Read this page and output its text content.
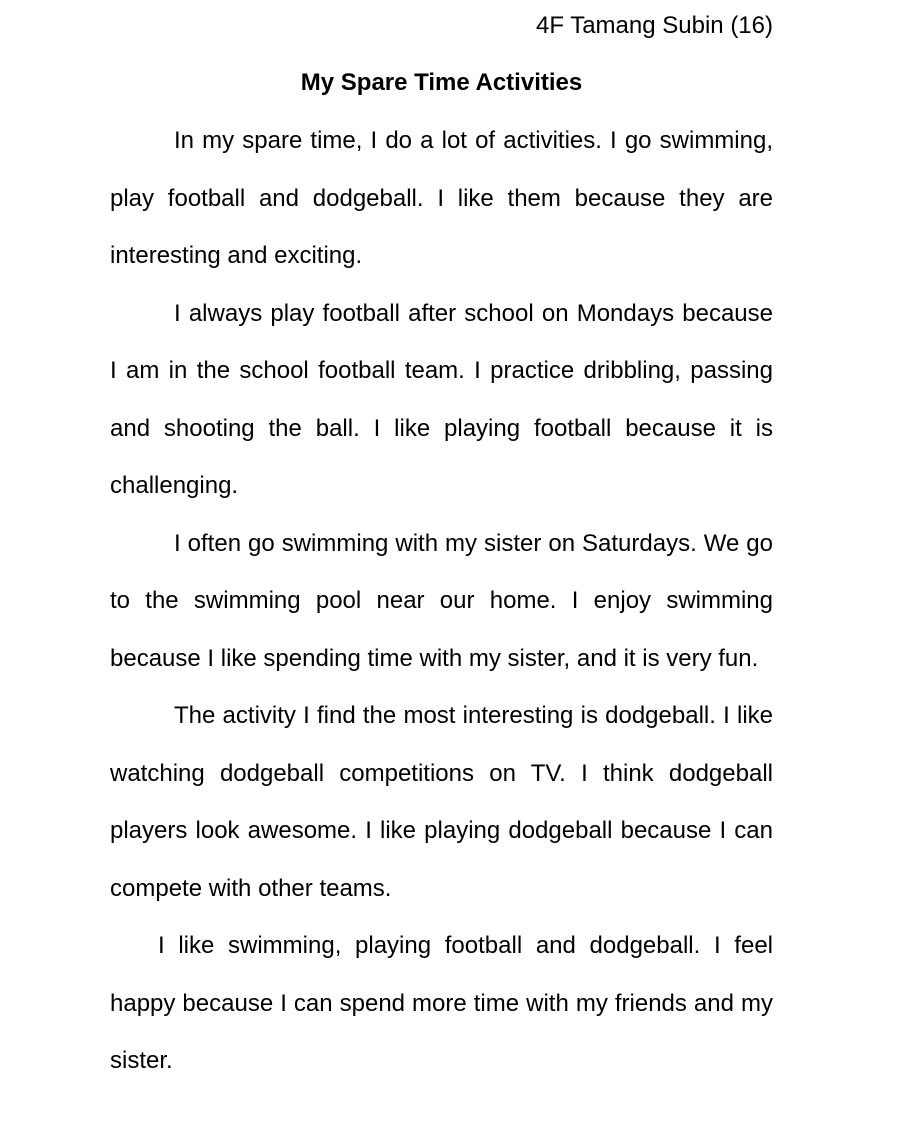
4F Tamang Subin (16)

My Spare Time Activities

In my spare time, I do a lot of activities. I go swimming, play football and dodgeball. I like them because they are interesting and exciting.

I always play football after school on Mondays because I am in the school football team. I practice dribbling, passing and shooting the ball. I like playing football because it is challenging.

I often go swimming with my sister on Saturdays. We go to the swimming pool near our home. I enjoy swimming because I like spending time with my sister, and it is very fun.

The activity I find the most interesting is dodgeball. I like watching dodgeball competitions on TV. I think dodgeball players look awesome. I like playing dodgeball because I can compete with other teams.

I like swimming, playing football and dodgeball. I feel happy because I can spend more time with my friends and my sister.
